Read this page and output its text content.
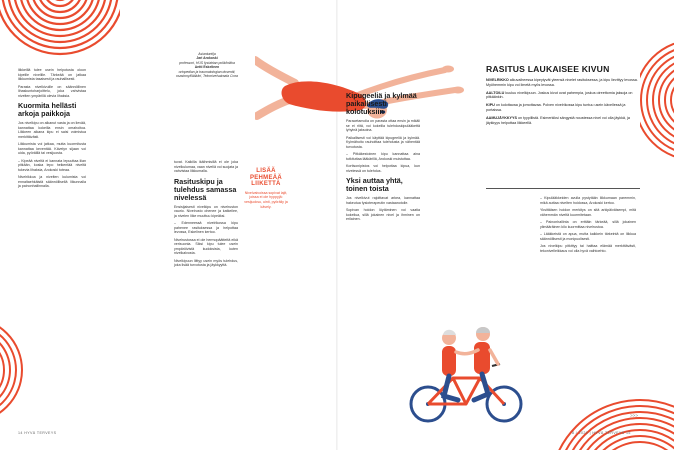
Asiantuntija
Jari Arokoski
professori, HUS fysiatrian poliklinikka
Antti Eskelinen
ortopedian ja traumatologian dosentti, osastonylilääkäri, Tekonivelsairaala Coxa

liikkeillä tulee usein helpotusta oloon kipeille nivelille. Tärkeää on jatkaa liikkumista tasaisesti ja rauhallisesti.

Parasta nivelkivuille on säännöllinen lihaskuntoharjoittelu, joka vahvistaa nivelten ympärillä olevia lihaksia.

Kuormita hellästi arkoja paikkoja

Jos nivelkipu on alkanut vasta ja on lievää, kannattaa kokeilla ensin omahoitoa. Liikkeen aikana kipu ei saisi voimistua merkittävästi.

Liikkumista voi jatkaa, mutta kuormitusta kannattaa keventää. Kävelyn sijaan voi uida, pyöräillä tai vesijuosta.

– Kipeää niveltä ei kannata lepuuttaa liian pitkään, koska lepo heikentää niveltä tukevia lihaksia, Arokoski toteaa.

Nivelrikkoa ja nivelten kulumista voi ennaltaehkäistä säännöllisellä liikunnalla ja painonhallinnalla.

tuvat. Kaikilla ikäihmisillä ei ole joka nivelkulumaa, vaan niveliä voi suojata ja vahvistaa liikkumalla.

Rasituskipu ja tulehdus samassa nivelessä

Ensisijaisesti nivelkipu on nivelruston vaurio. Nivelrusto ohenee ja katkeilee, ja nivelen liike muuttuu kipeäksi.

– Edenneessä nivelrikossa kipu pahenee rasituksessa ja helpottaa levossa, Eskelinen kertoo.

Nivelrustossa ei ole hermopäätteitä eikä verisuonia. Siksi kipu tulee usein ympäröivistä kudoksista, kuten nivelkalvosta.

Nivelkipuun liittyy usein myös tulehdus, joka lisää turvotusta ja jäykkyyttä.

LISÄÄ PEHMEÄÄ LIIKETTÄ
Nivelvaivoissa sopivat lajit, joissa ei ole hyppyjä: vesijuoksu, uinti, pyöräily ja kävely.
Kipugeeliä ja kylmää paikallisesti kolotuksiin

Paracetamolia on parasta ottaa ensin ja mikäli se ei riitä, voi kokeilla tulehduskipulääkettä lyhyinä jaksoina.

Paikallisesti voi käyttää kipugeeliä ja kylmää. Kylmähoito rauhoittaa tulehdusta ja vähentää turvotusta.

– Pitkäkestoinen kipu kannattaa aina tutkituttaa lääkärillä, Arokoski muistuttaa.

Kortisonipistos voi helpottaa kipua, kun nivelessä on tulehdus.

Yksi auttaa yhtä, toinen toista

Jos nivelkivut rajoittavat arkea, kannattaa hakeutua fysioterapeutin vastaanotolle.

Sopivan hoidon löytäminen voi vaatia kokeilua, sillä jokainen nivel ja ihminen on erilainen.

RASITUS LAUKAISEE KIVUN

NIVELRIKKO alkuvaiheessa kipeytyvät yleensä nivelet rasituksessa, ja kipu lievittyy levossa. Myöhemmin kipu voi ilmetä myös levossa.

AALTOILU kuuluu nivelkipuun. Joskus kivut ovat pahempia, joskus oireettomia jaksoja on pitkäänkin.

KIPU on kolottavaa ja jomottavaa. Polven nivelrikossa kipu tuntuu usein kävellessä ja portaissa.

AAMUJÄYKKYYS on tyypillistä. Esimerkiksi sängystä noustessa nivel voi olla jäykkä, ja jäykkyys helpottaa liikkeellä.

– Kipulääkkeiden avulla pystytään liikkumaan paremmin, mikä auttaa nivelten hoidossa, Arokoski kertoo.

Yksittäisen hoidon merkitys on sitä arkipäiväisempi, mitä vähemmän niveltä kuormitetaan.

– Painonhallinta on erittäin tärkeää, sillä jokainen ylimääräinen kilo kuormittaa nivelrustoa.

– Lääkkeistä on apua, mutta kaikkein tärkeintä on liikkua säännöllisesti ja monipuolisesti.

Jos nivelkipu pitkittyy tai haittaa elämää merkittävästi, tekonivelleikkaus voi olla hyvä vaihtoehto.

>>>
14 HYVÄ TERVEYS	8 / 2020 | HYVÄ TERVEYS 15
